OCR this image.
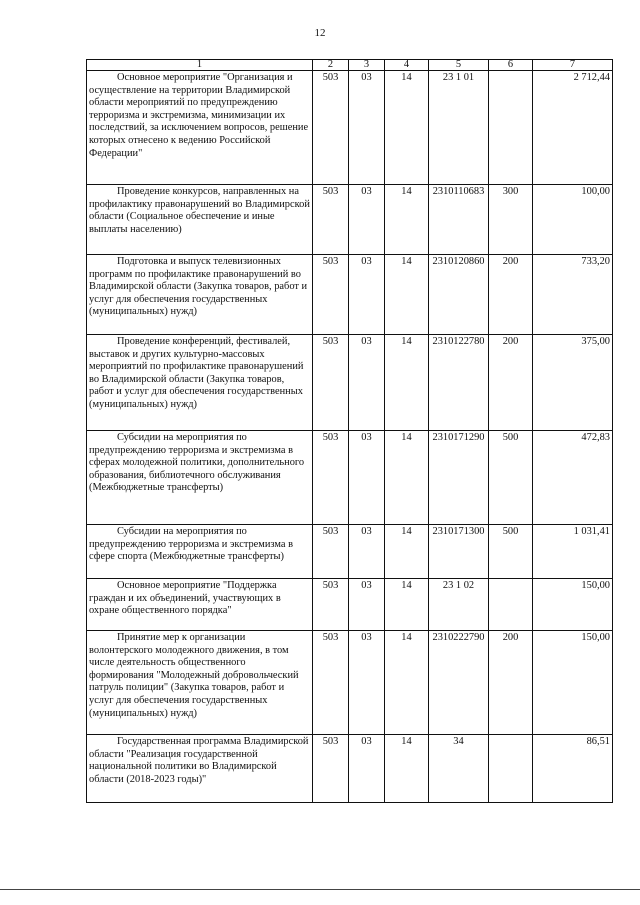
12
1	2	3	4	5	6	7

Основное мероприятие "Организация и осуществление на территории Владимирской области мероприятий по предупреждению терроризма и экстремизма, минимизации их последствий, за исключением вопросов, решение которых отнесено к ведению Российской Федерации"	503	03	14	23 1 01		2 712,44

Проведение конкурсов, направленных на профилактику правонарушений во Владимирской области (Социальное обеспечение и иные выплаты населению)	503	03	14	2310110683	300	100,00

Подготовка и выпуск телевизионных программ по профилактике правонарушений во Владимирской области (Закупка товаров, работ и услуг для обеспечения государственных (муниципальных) нужд)	503	03	14	2310120860	200	733,20

Проведение конференций, фестивалей, выставок и других культурно-массовых мероприятий по профилактике правонарушений во Владимирской области (Закупка товаров, работ и услуг для обеспечения государственных (муниципальных) нужд)	503	03	14	2310122780	200	375,00

Субсидии на мероприятия по предупреждению терроризма и экстремизма в сферах молодежной политики, дополнительного образования, библиотечного обслуживания (Межбюджетные трансферты)	503	03	14	2310171290	500	472,83

Субсидии на мероприятия по предупреждению терроризма и экстремизма в сфере спорта (Межбюджетные трансферты)	503	03	14	2310171300	500	1 031,41

Основное мероприятие "Поддержка граждан и их объединений, участвующих в охране общественного порядка"	503	03	14	23 1 02		150,00

Принятие мер к организации волонтерского молодежного движения, в том числе деятельность общественного формирования "Молодежный добровольческий патруль полиции" (Закупка товаров, работ и услуг для обеспечения государственных (муниципальных) нужд)	503	03	14	2310222790	200	150,00

Государственная программа Владимирской области "Реализация государственной национальной политики во Владимирской области (2018-2023 годы)"	503	03	14	34		86,51
